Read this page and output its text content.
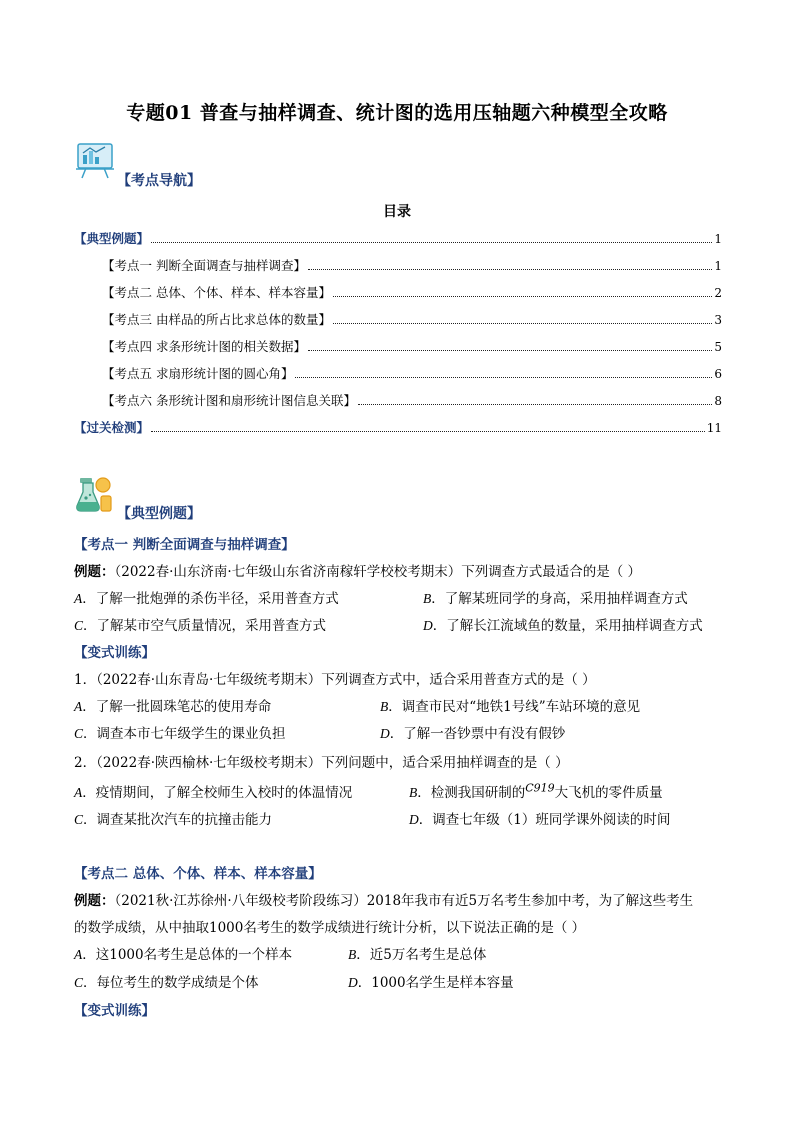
专题01 普查与抽样调查、统计图的选用压轴题六种模型全攻略
【考点导航】
目录
【典型例题】	1
【考点一 判断全面调查与抽样调查】	1
【考点二 总体、个体、样本、样本容量】	2
【考点三 由样品的所占比求总体的数量】	3
【考点四 求条形统计图的相关数据】	5
【考点五 求扇形统计图的圆心角】	6
【考点六 条形统计图和扇形统计图信息关联】	8
【过关检测】	11
【典型例题】
【考点一 判断全面调查与抽样调查】
例题：（2022春·山东济南·七年级山东省济南稼轩学校校考期末）下列调查方式最适合的是（ ）
A．了解一批炮弹的杀伤半径，采用普查方式	B．了解某班同学的身高，采用抽样调查方式
C．了解某市空气质量情况，采用普查方式	D．了解长江流域鱼的数量，采用抽样调查方式
【变式训练】
1．（2022春·山东青岛·七年级统考期末）下列调查方式中，适合采用普查方式的是（ ）
A．了解一批圆珠笔芯的使用寿命	B．调查市民对“地铁1号线”车站环境的意见
C．调查本市七年级学生的课业负担	D．了解一沓钞票中有没有假钞
2．（2022春·陕西榆林·七年级校考期末）下列问题中，适合采用抽样调查的是（ ）
A．疫情期间，了解全校师生入校时的体温情况	B．检测我国研制的$^{C919}$大飞机的零件质量
C．调查某批次汽车的抗撞击能力	D．调查七年级（1）班同学课外阅读的时间
【考点二 总体、个体、样本、样本容量】
例题：（2021秋·江苏徐州·八年级校考阶段练习）2018年我市有近5万名考生参加中考，为了解这些考生
的数学成绩，从中抽取1000名考生的数学成绩进行统计分析，以下说法正确的是（ ）
A．这1000名考生是总体的一个样本	B．近5万名考生是总体
C．每位考生的数学成绩是个体	D．1000名学生是样本容量
【变式训练】
